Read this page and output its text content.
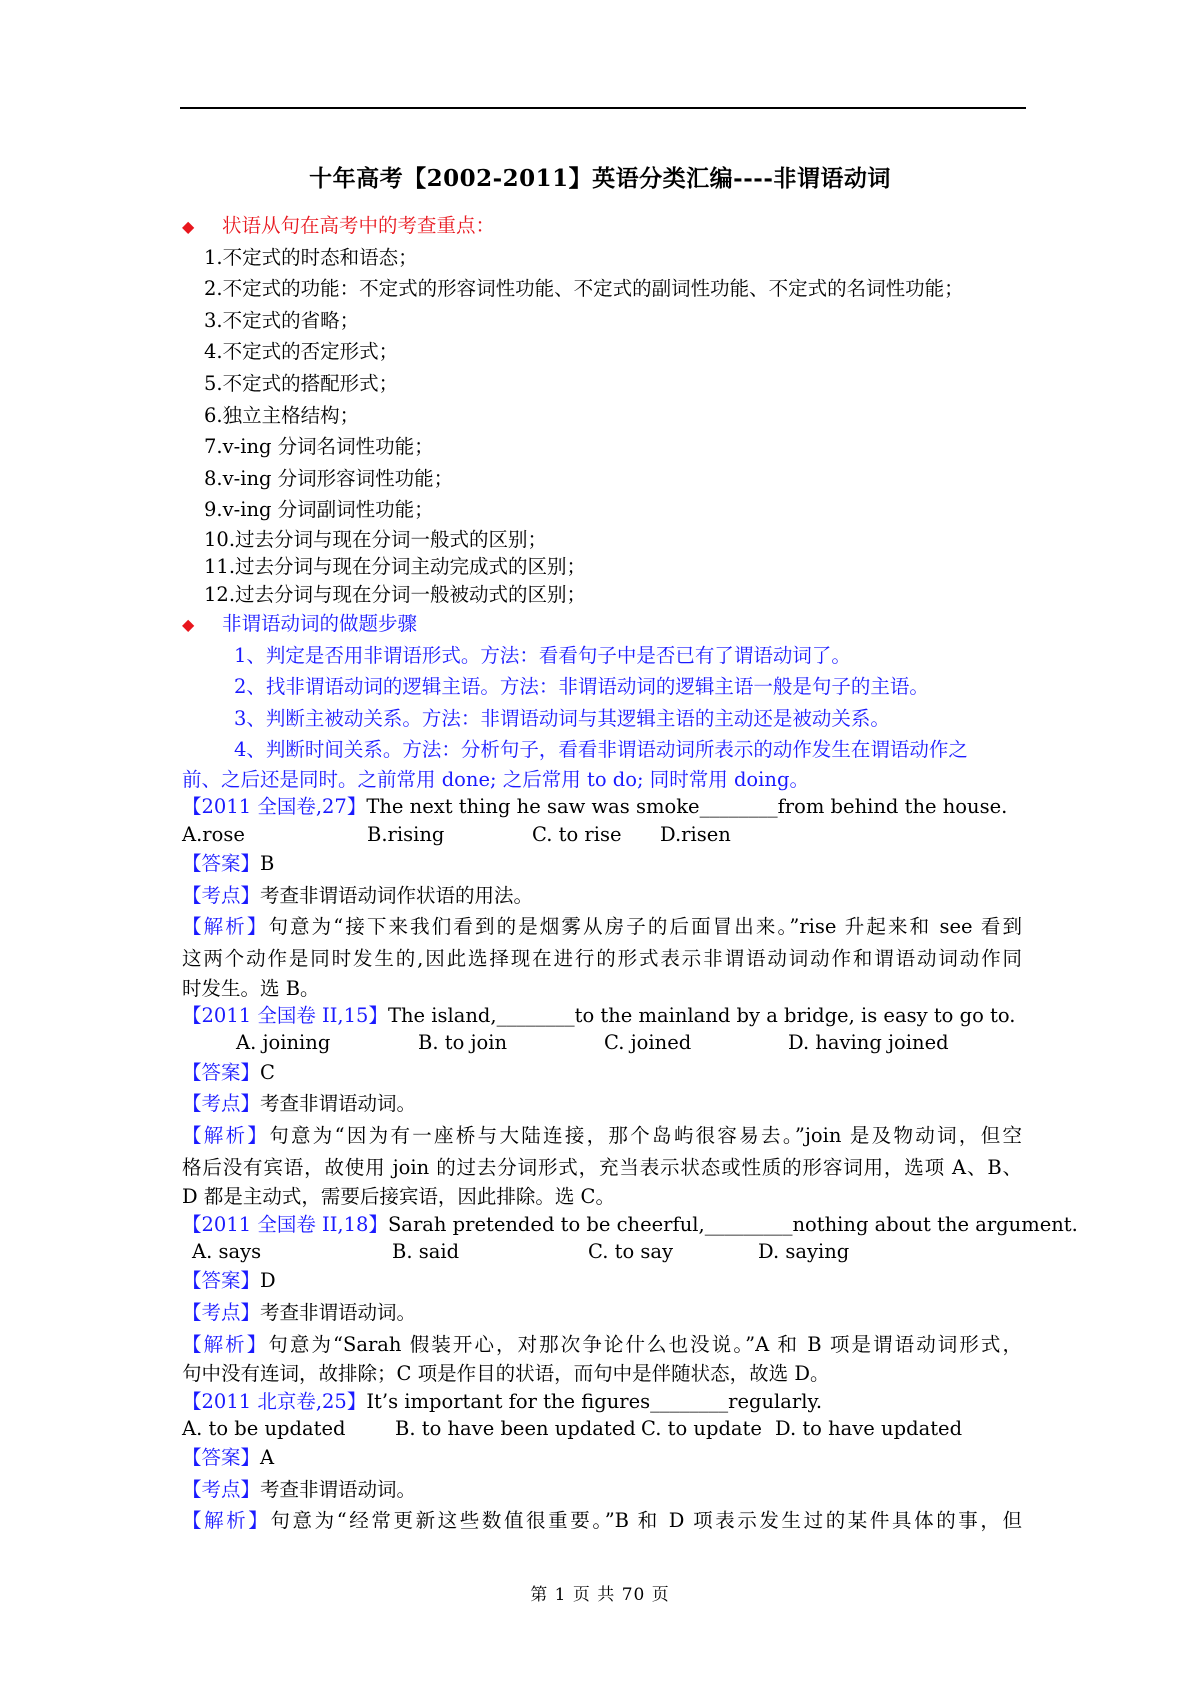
十年高考【2002-2011】英语分类汇编----非谓语动词
◆ 状语从句在高考中的考查重点：
1.不定式的时态和语态；
2.不定式的功能：不定式的形容词性功能、不定式的副词性功能、不定式的名词性功能；
3.不定式的省略；
4.不定式的否定形式；
5.不定式的搭配形式；
6.独立主格结构；
7.v-ing 分词名词性功能；
8.v-ing 分词形容词性功能；
9.v-ing 分词副词性功能；
10.过去分词与现在分词一般式的区别；
11.过去分词与现在分词主动完成式的区别；
12.过去分词与现在分词一般被动式的区别；
◆ 非谓语动词的做题步骤
1、判定是否用非谓语形式。方法：看看句子中是否已有了谓语动词了。
2、找非谓语动词的逻辑主语。方法：非谓语动词的逻辑主语一般是句子的主语。
3、判断主被动关系。方法：非谓语动词与其逻辑主语的主动还是被动关系。
4、判断时间关系。方法：分析句子，看看非谓语动词所表示的动作发生在谓语动作之
前、之后还是同时。之前常用 done; 之后常用 to do; 同时常用 doing。
【2011 全国卷,27】The next thing he saw was smoke________from behind the house.
A.rose	B.rising	C. to rise D.risen
【答案】B
【考点】考查非谓语动词作状语的用法。
【解析】句意为“接下来我们看到的是烟雾从房子的后面冒出来。”rise 升起来和 see 看到
这两个动作是同时发生的,因此选择现在进行的形式表示非谓语动词动作和谓语动词动作同
时发生。选 B。
【2011 全国卷 II,15】The island,________to the mainland by a bridge, is easy to go to.
A. joining	B. to join	C. joined	D. having joined
【答案】C
【考点】考查非谓语动词。
【解析】句意为“因为有一座桥与大陆连接，那个岛屿很容易去。”join 是及物动词，但空
格后没有宾语，故使用 join 的过去分词形式，充当表示状态或性质的形容词用，选项 A、B、
D 都是主动式，需要后接宾语，因此排除。选 C。
【2011 全国卷 II,18】Sarah pretended to be cheerful,_________nothing about the argument.
A. says	B. said	C. to say	D. saying
【答案】D
【考点】考查非谓语动词。
【解析】句意为“Sarah 假装开心，对那次争论什么也没说。”A 和 B 项是谓语动词形式，
句中没有连词，故排除；C 项是作目的状语，而句中是伴随状态，故选 D。
【2011 北京卷,25】It’s important for the figures________regularly.
A. to be updated	B. to have been updated C. to update D. to have updated
【答案】A
【考点】考查非谓语动词。
【解析】句意为“经常更新这些数值很重要。”B 和 D 项表示发生过的某件具体的事，但
第 1 页 共 70 页
